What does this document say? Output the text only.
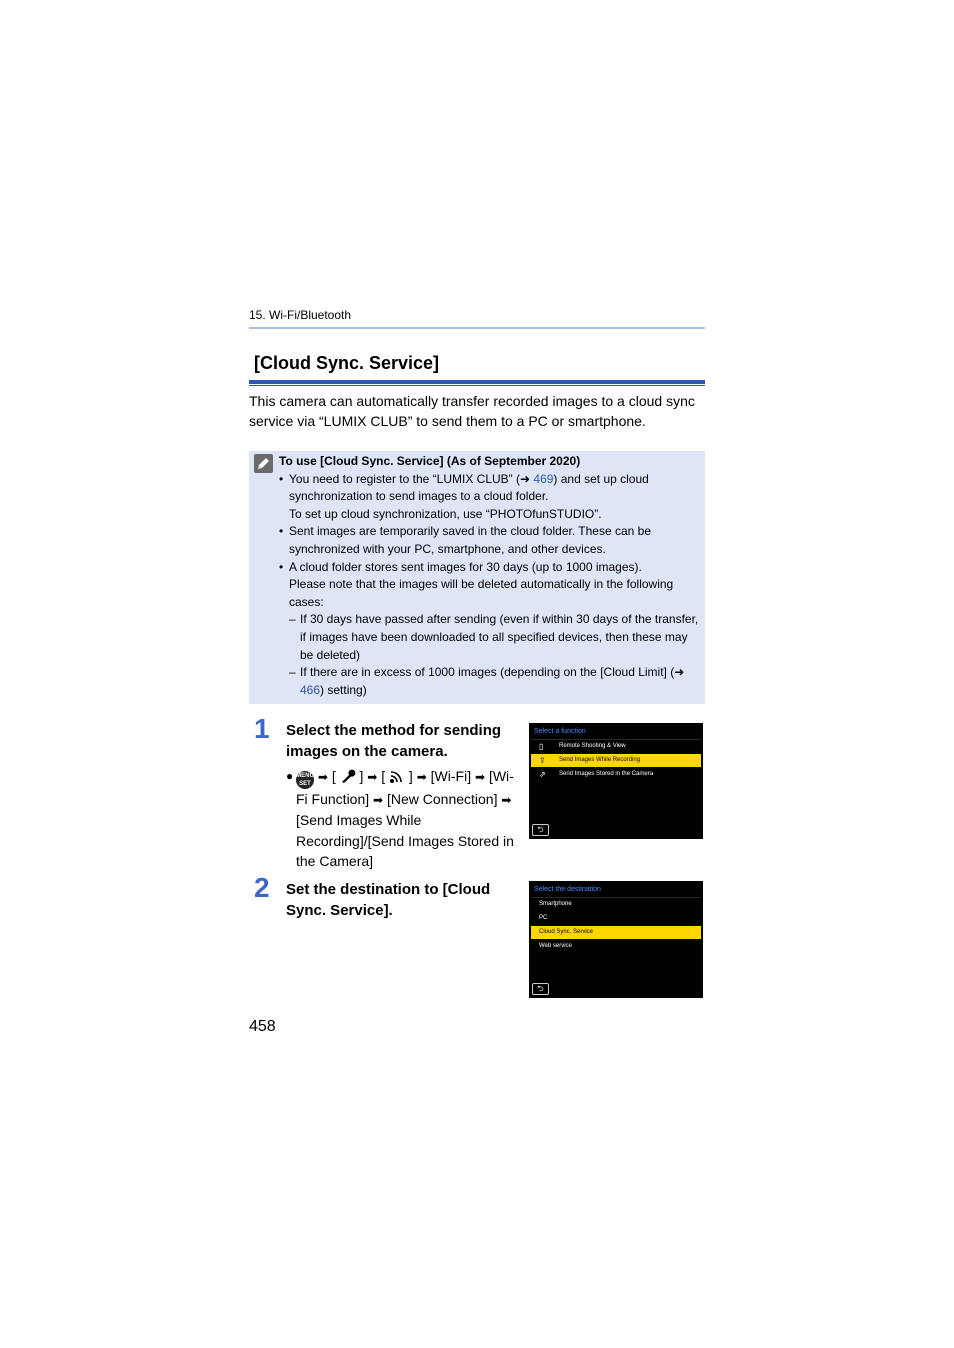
15. Wi-Fi/Bluetooth
[Cloud Sync. Service]
This camera can automatically transfer recorded images to a cloud sync service via “LUMIX CLUB” to send them to a PC or smartphone.
To use [Cloud Sync. Service] (As of September 2020)
• You need to register to the “LUMIX CLUB” (➜ 469) and set up cloud synchronization to send images to a cloud folder.
To set up cloud synchronization, use “PHOTOfunSTUDIO”.
• Sent images are temporarily saved in the cloud folder. These can be synchronized with your PC, smartphone, and other devices.
• A cloud folder stores sent images for 30 days (up to 1000 images).
Please note that the images will be deleted automatically in the following cases:
– If 30 days have passed after sending (even if within 30 days of the transfer, if images have been downloaded to all specified devices, then these may be deleted)
– If there are in excess of 1000 images (depending on the [Cloud Limit] (➜ 466) setting)
1 Select the method for sending images on the camera.
● MENU SET ➡ [ ] ➡ [ ] ➡ [Wi-Fi] ➡ [Wi-Fi Function] ➡ [New Connection] ➡ [Send Images While Recording]/[Send Images Stored in the Camera]
Select a function
▯	Remote Shooting & View
⇪ Send Images While Recording
⇗ Send Images Stored in the Camera
⮌
2 Set the destination to [Cloud Sync. Service].
Select the destination
Smartphone
PC
Cloud Sync. Service
Web service
⮌
458
